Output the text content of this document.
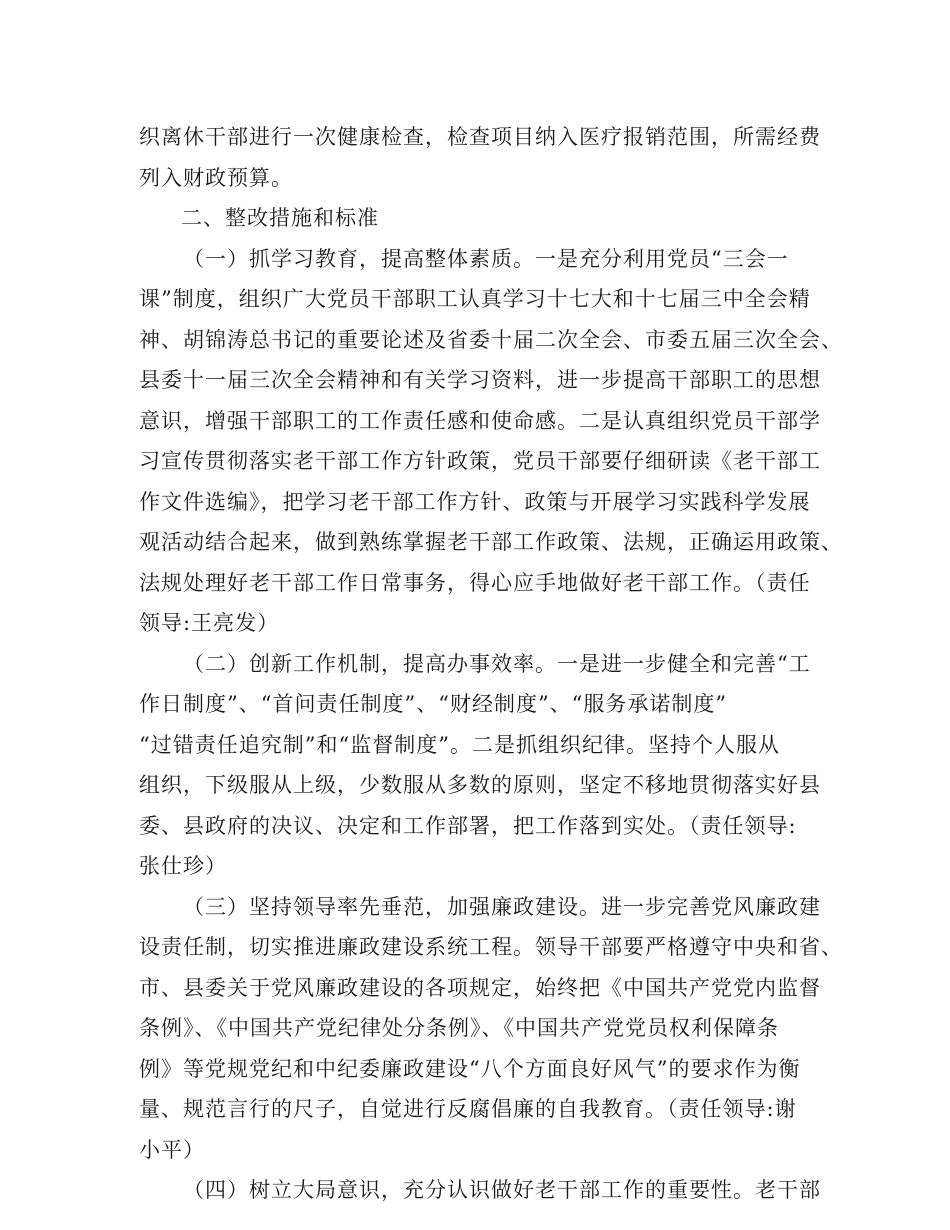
织离休干部进行一次健康检查，检查项目纳入医疗报销范围，所需经费
列入财政预算。
二、整改措施和标准
（一）抓学习教育，提高整体素质。一是充分利用党员“三会一
课”制度，组织广大党员干部职工认真学习十七大和十七届三中全会精
神、胡锦涛总书记的重要论述及省委十届二次全会、市委五届三次全会、
县委十一届三次全会精神和有关学习资料，进一步提高干部职工的思想
意识，增强干部职工的工作责任感和使命感。二是认真组织党员干部学
习宣传贯彻落实老干部工作方针政策，党员干部要仔细研读《老干部工
作文件选编》，把学习老干部工作方针、政策与开展学习实践科学发展
观活动结合起来，做到熟练掌握老干部工作政策、法规，正确运用政策、
法规处理好老干部工作日常事务，得心应手地做好老干部工作。（责任
领导:王亮发）
（二）创新工作机制，提高办事效率。一是进一步健全和完善“工
作日制度”、“首问责任制度”、“财经制度”、“服务承诺制度”
“过错责任追究制”和“监督制度”。二是抓组织纪律。坚持个人服从
组织，下级服从上级，少数服从多数的原则，坚定不移地贯彻落实好县
委、县政府的决议、决定和工作部署，把工作落到实处。（责任领导:
张仕珍）
（三）坚持领导率先垂范，加强廉政建设。进一步完善党风廉政建
设责任制，切实推进廉政建设系统工程。领导干部要严格遵守中央和省、
市、县委关于党风廉政建设的各项规定，始终把《中国共产党党内监督
条例》、《中国共产党纪律处分条例》、《中国共产党党员权利保障条
例》等党规党纪和中纪委廉政建设“八个方面良好风气”的要求作为衡
量、规范言行的尺子，自觉进行反腐倡廉的自我教育。（责任领导:谢
小平）
（四）树立大局意识，充分认识做好老干部工作的重要性。老干部
